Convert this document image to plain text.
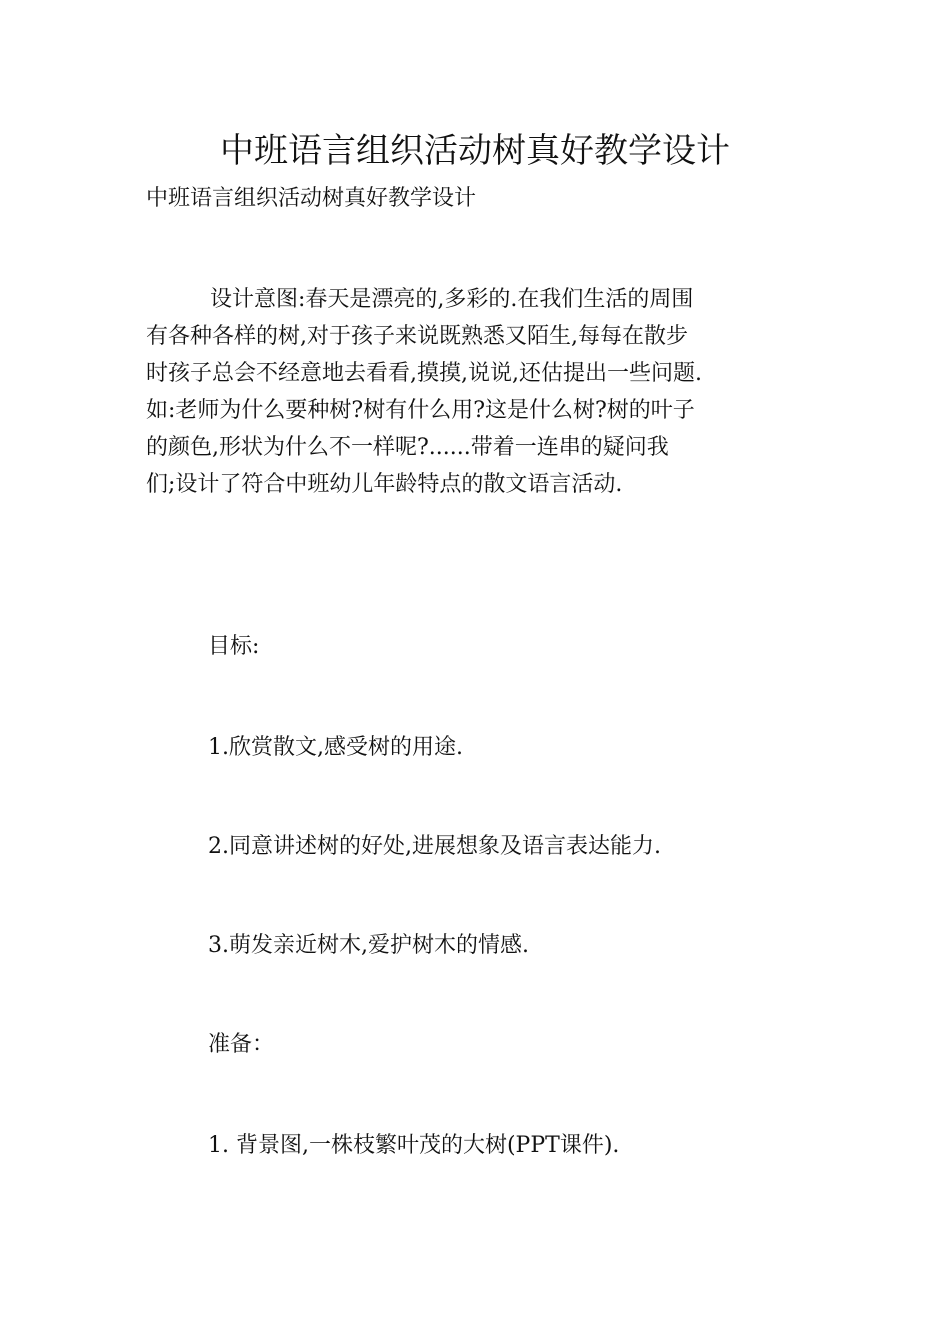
中班语言组织活动树真好教学设计

中班语言组织活动树真好教学设计

设计意图:春天是漂亮的,多彩的.在我们生活的周围
有各种各样的树,对于孩子来说既熟悉又陌生,每每在散步
时孩子总会不经意地去看看,摸摸,说说,还估提出一些问题.
如:老师为什么要种树?树有什么用?这是什么树?树的叶子
的颜色,形状为什么不一样呢?......带着一连串的疑问我
们;设计了符合中班幼儿年龄特点的散文语言活动.

目标:

1.欣赏散文,感受树的用途.

2.同意讲述树的好处,进展想象及语言表达能力.

3.萌发亲近树木,爱护树木的情感.

准备：

1. 背景图,一株枝繁叶茂的大树(PPT课件).
